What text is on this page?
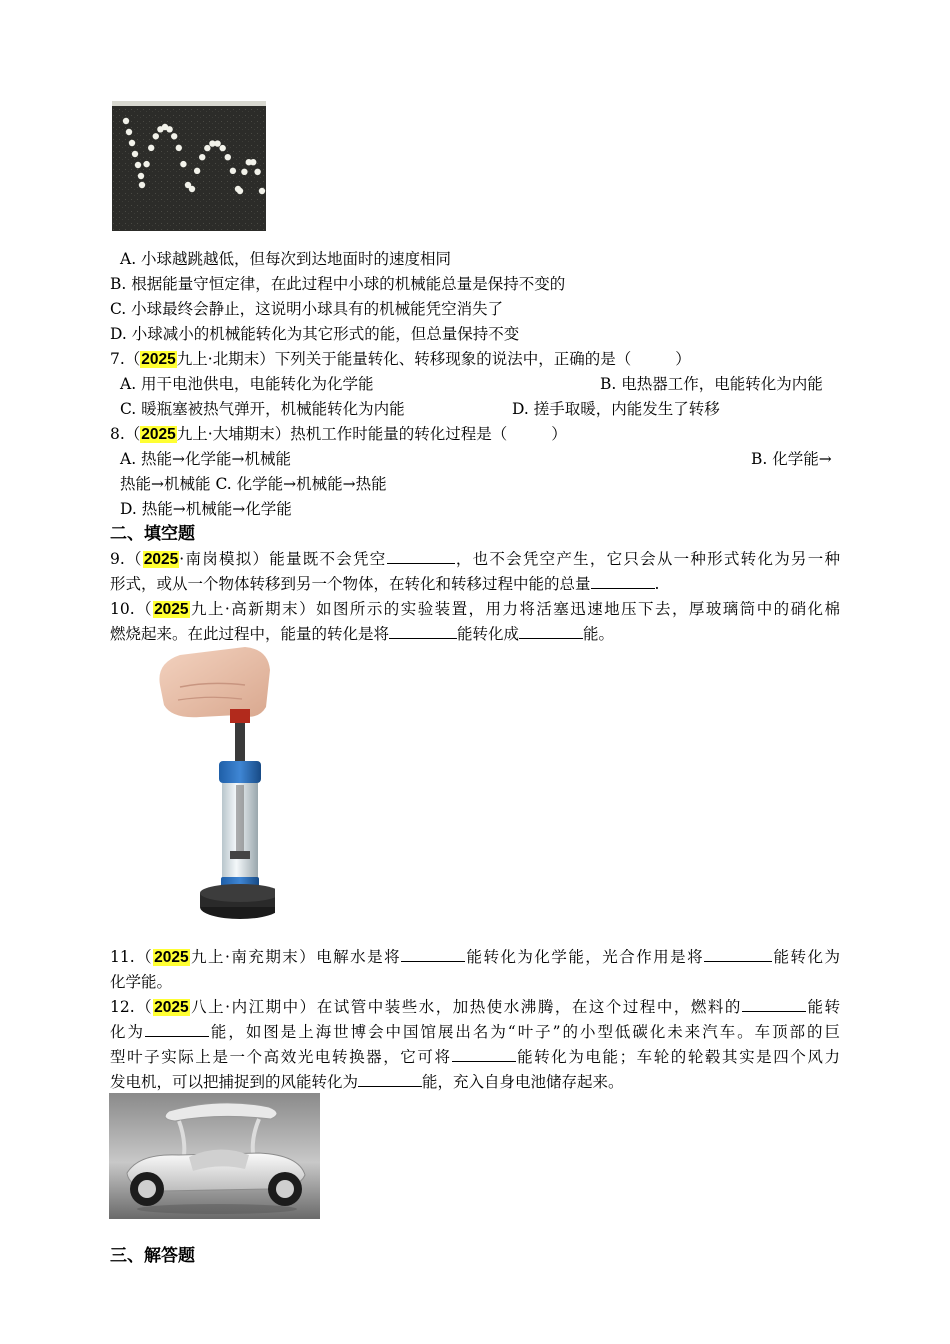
A. 小球越跳越低，但每次到达地面时的速度相同
B. 根据能量守恒定律，在此过程中小球的机械能总量是保持不变的
C. 小球最终会静止，这说明小球具有的机械能凭空消失了
D. 小球减小的机械能转化为其它形式的能，但总量保持不变
7.（2025九上·北期末）下列关于能量转化、转移现象的说法中，正确的是（	）
A. 用干电池供电，电能转化为化学能	B. 电热器工作，电能转化为内能
C. 暖瓶塞被热气弹开，机械能转化为内能	D. 搓手取暖，内能发生了转移
8.（2025九上·大埔期末）热机工作时能量的转化过程是（	）
A. 热能→化学能→机械能	B. 化学能→
热能→机械能 C. 化学能→机械能→热能
D. 热能→机械能→化学能
二、填空题
9.（2025·南岗模拟）能量既不会凭空	，也不会凭空产生，它只会从一种形式转化为另一种
形式，或从一个物体转移到另一个物体，在转化和转移过程中能的总量	.
10.（2025九上·高新期末）如图所示的实验装置，用力将活塞迅速地压下去，厚玻璃筒中的硝化棉
燃烧起来。在此过程中，能量的转化是将	能转化成	能。
11.（2025九上·南充期末）电解水是将	能转化为化学能，光合作用是将	能转化为
化学能。
12.（2025八上·内江期中）在试管中装些水，加热使水沸腾，在这个过程中，燃料的	能转
化为	能，如图是上海世博会中国馆展出名为“叶子”的小型低碳化未来汽车。车顶部的巨
型叶子实际上是一个高效光电转换器，它可将	能转化为电能；车轮的轮毂其实是四个风力
发电机，可以把捕捉到的风能转化为	能，充入自身电池储存起来。
三、解答题
